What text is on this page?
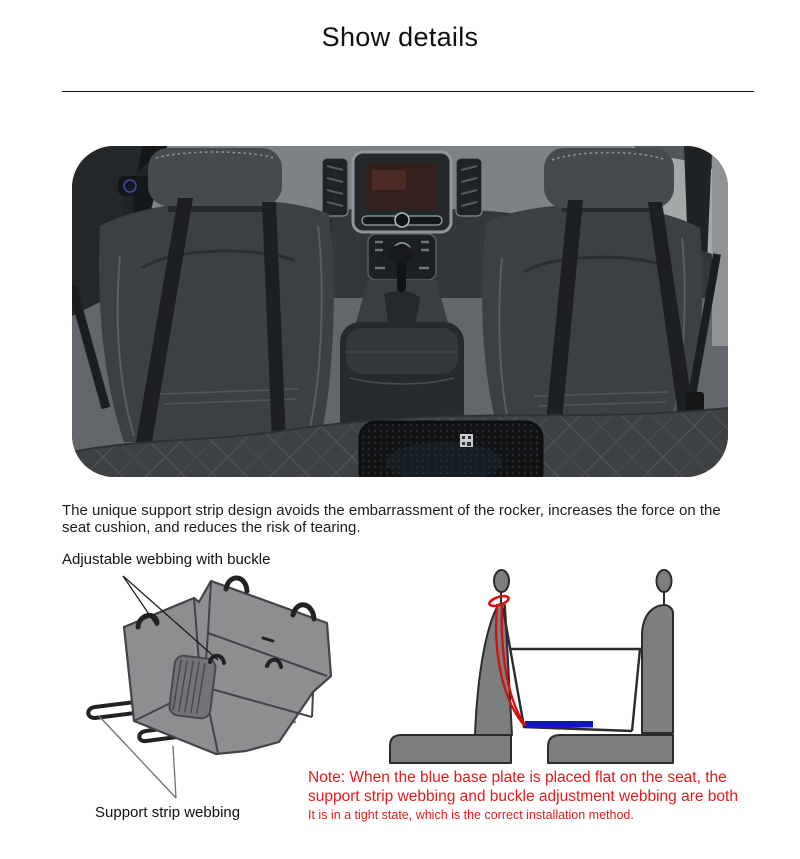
Show details

The unique support strip design avoids the embarrassment of the rocker, increases the force on the seat cushion, and reduces the risk of tearing.

Adjustable webbing with buckle
Support strip webbing
Note: When the blue base plate is placed flat on the seat, the
support strip webbing and buckle adjustment webbing are both
It is in a tight state, which is the correct installation method.
